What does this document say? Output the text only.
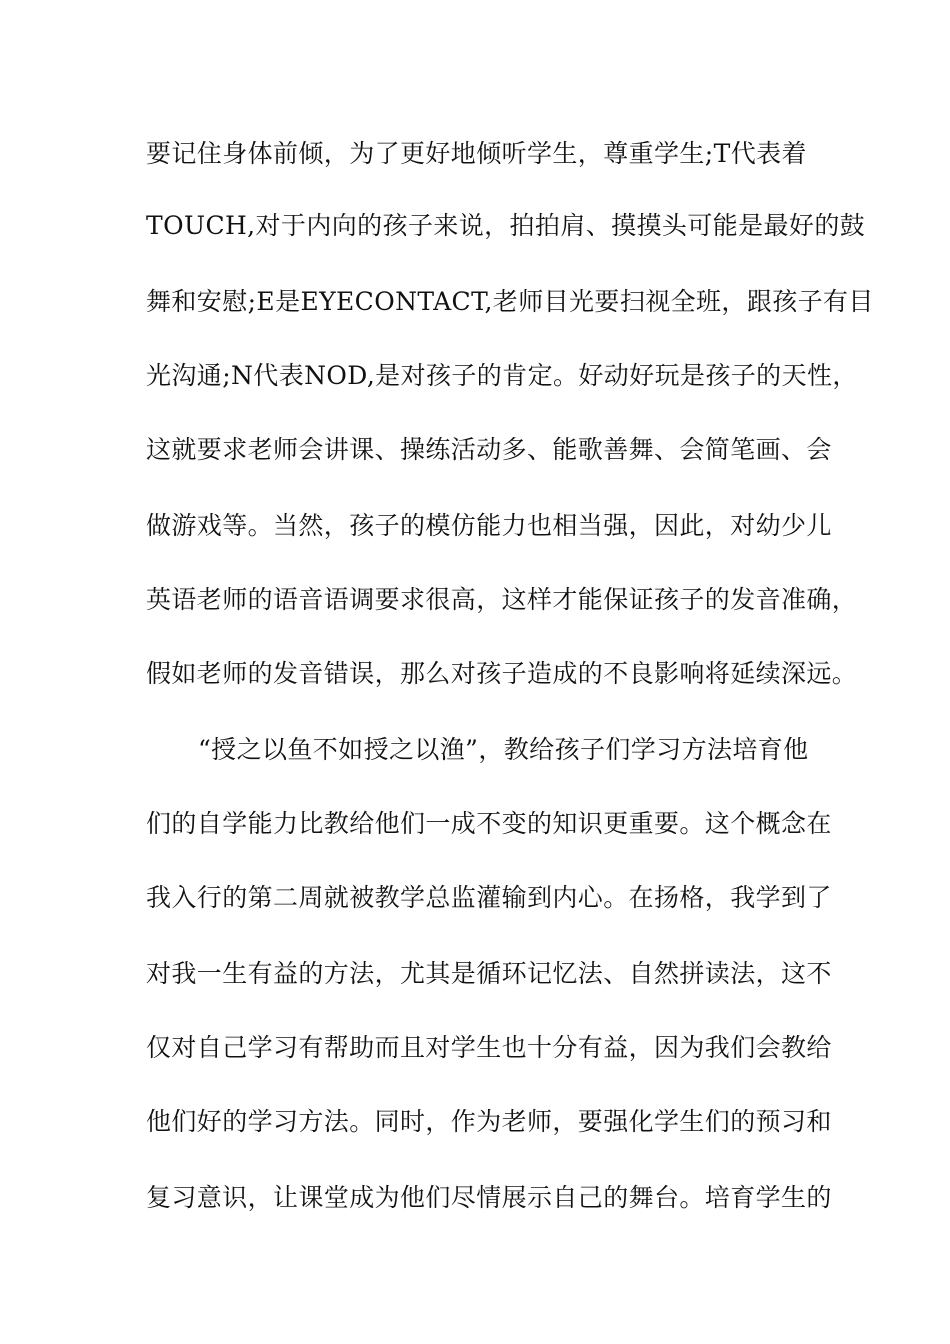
要记住身体前倾，为了更好地倾听学生，尊重学生;T代表着
TOUCH,对于内向的孩子来说，拍拍肩、摸摸头可能是最好的鼓
舞和安慰;E是EYECONTACT,老师目光要扫视全班，跟孩子有目
光沟通;N代表NOD,是对孩子的肯定。好动好玩是孩子的天性，
这就要求老师会讲课、操练活动多、能歌善舞、会简笔画、会
做游戏等。当然，孩子的模仿能力也相当强，因此，对幼少儿
英语老师的语音语调要求很高，这样才能保证孩子的发音准确，
假如老师的发音错误，那么对孩子造成的不良影响将延续深远。
“授之以鱼不如授之以渔”，教给孩子们学习方法培育他
们的自学能力比教给他们一成不变的知识更重要。这个概念在
我入行的第二周就被教学总监灌输到内心。在扬格，我学到了
对我一生有益的方法，尤其是循环记忆法、自然拼读法，这不
仅对自己学习有帮助而且对学生也十分有益，因为我们会教给
他们好的学习方法。同时，作为老师，要强化学生们的预习和
复习意识，让课堂成为他们尽情展示自己的舞台。培育学生的
